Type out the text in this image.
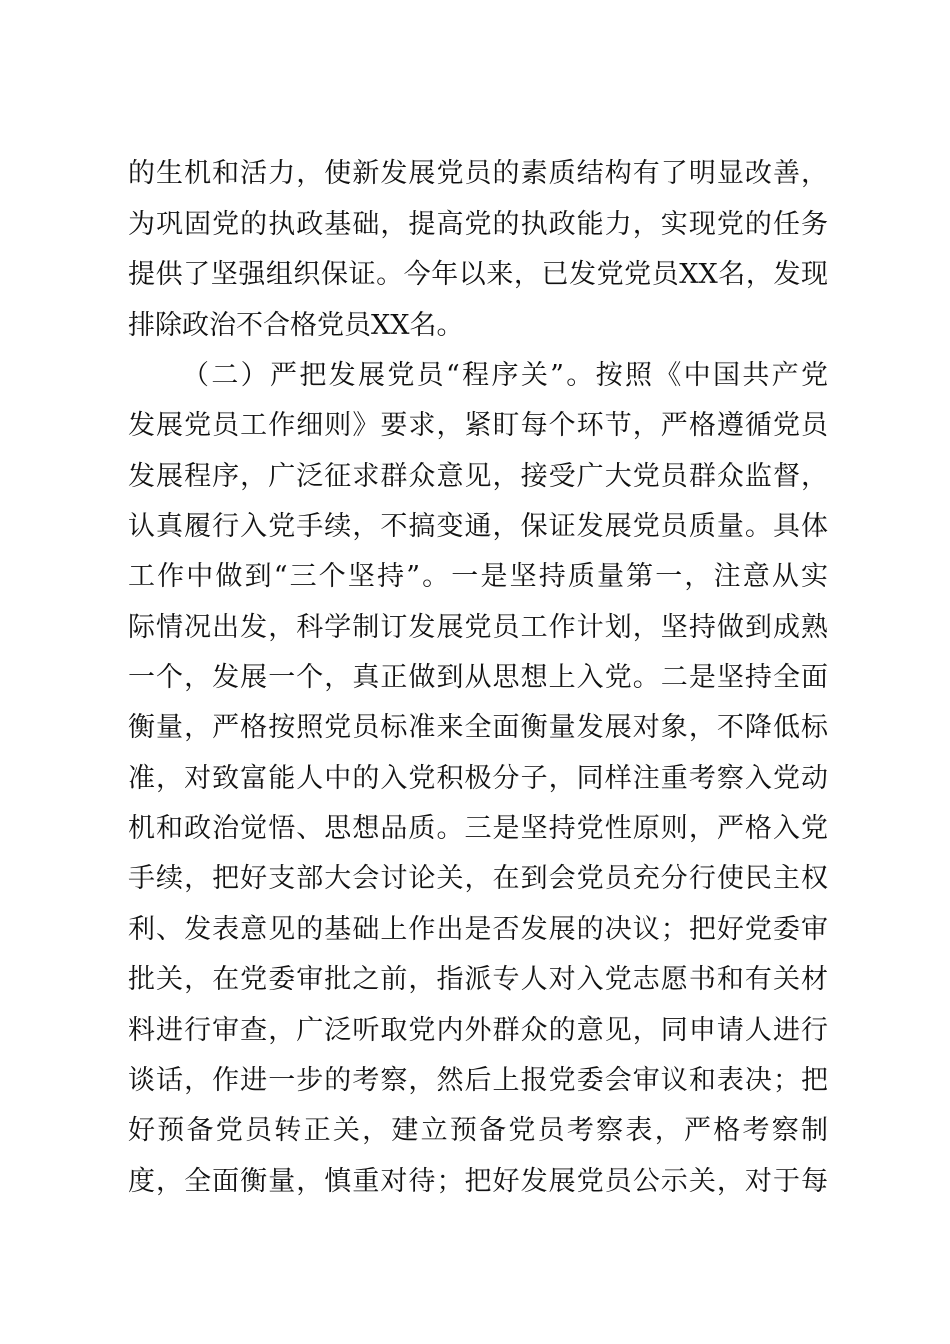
的生机和活力，使新发展党员的素质结构有了明显改善，
为巩固党的执政基础，提高党的执政能力，实现党的任务
提供了坚强组织保证。今年以来，已发党党员XX名，发现
排除政治不合格党员XX名。
（二）严把发展党员“程序关”。按照《中国共产党
发展党员工作细则》要求，紧盯每个环节，严格遵循党员
发展程序，广泛征求群众意见，接受广大党员群众监督，
认真履行入党手续，不搞变通，保证发展党员质量。具体
工作中做到“三个坚持”。一是坚持质量第一，注意从实
际情况出发，科学制订发展党员工作计划，坚持做到成熟
一个，发展一个，真正做到从思想上入党。二是坚持全面
衡量，严格按照党员标准来全面衡量发展对象，不降低标
准，对致富能人中的入党积极分子，同样注重考察入党动
机和政治觉悟、思想品质。三是坚持党性原则，严格入党
手续，把好支部大会讨论关，在到会党员充分行使民主权
利、发表意见的基础上作出是否发展的决议；把好党委审
批关，在党委审批之前，指派专人对入党志愿书和有关材
料进行审查，广泛听取党内外群众的意见，同申请人进行
谈话，作进一步的考察，然后上报党委会审议和表决；把
好预备党员转正关，建立预备党员考察表，严格考察制
度，全面衡量，慎重对待；把好发展党员公示关，对于每
